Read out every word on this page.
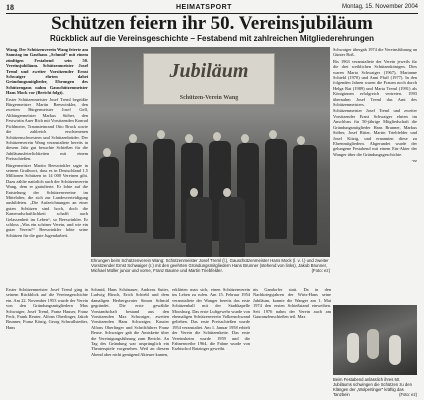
18	HEIMATSPORT	Montag, 15. November 2004
Schützen feiern ihr 50. Vereinsjubiläum
Rückblick auf die Vereinsgeschichte – Festabend mit zahlreichen Mitgliederehrungen

Wang. Der Schützenverein Wang feierte am Samstag im Gasthaus „Schmid“ mit einem zünftigen Festabend sein 50. Vereinsjubiläum. Schützenmeister Josef Treml und zweiter Vorsitzender Ernst Schwaiger ehrten dabei Gründungsmitglieder, Ehrungen des Schützengaus nahm Gauschützenmeister Hans Mock vor (Bericht folgt).

Erster Schützenmeister Josef Treml begrüßte Bürgermeister Martin Beeswinkler, den zweiten Bürgermeister Josef Gell, Altbürgermeister Markus Stöber, den Festwirtin Auer Rich mit Vorsitzenden Konrad Pichlmeier, Traunsteinrand Otto Bruck sowie die zahlreich erschienenen Schützenschwestern und Schützenbrüder. Der Schützenverein Wang veranstaltete bereits in diesem Jahr gut besuchte Schießen für die Jubiläumsfeierlichkeiten mit einem Preisschießen.

Bürgermeister Martin Beeswinkler sagte in seinem Grußwort, dass es in Deutschland 1,5 Millionen Schützen in 14 000 Vereinen gibt. Dazu zählte natürlich auch der Schützenverein Wang, dem er gratulierte. Er lobte auf die Entstehung der Schützenvereine im Mittelalter, die sich zur Landesverteidigung ausbildeten. „Die Aufzeichnungen an einer guten Schützen sind hoch, doch die Kameradschaftlichkeit schafft auch Gelassenheit im Leben“, so Beeswinkler. Er schloss „Was ein schöner Verein, und wie ein guter Verein?“ Beeswinkler lobte seine Schützen für die gute Jugendarbeit.

Jubiläum
Schützen-Verein Wang
Ehrungen beim Schützenverein Wang: Schützenmeister Josef Treml (l.), Gauschützenmeister Hans Mock (l. v. l.) und zweiter Vorsitzender Ernst Schwaiger (r.) mit den geehrten Gründungsmitgliedern Hans Brunner (stehend von links), Jakob Brunner, Michael Müller junior und vorne, Franz Baume und Martin Triebfelder.	(Foto: ez)

Schwaiger übergab 1974 die Vereinsführung an Günter Roß.

Bis 1963 veranstaltete der Verein jeweils für die drei weiblichen Schützenkönigen. Dies waren Marta Schwaiger (1967), Marianne Schiebl (1970) und Anni Pfaff (1977). In den folgenden Jahren waren die Frauen noch durch Helga Rat (1989) und Maria Treml (1991) als Königinnen erfolgreich vertreten. 1993 übernahm Josef Treml das Amt des Schützenmeisters.

Schützenmeister Josef Treml und zweiter Vorsitzender Ernst Schwaiger ehrten im Anschluss für 50-jährige Mitgliedschaft die Gründungsmitglieder Hans Brunner, Markus Stöber, Josef Ritter, Martin Triebfelder und Josef Kitzig, und ernannten diese zu Ehrenmitgliedern. Abgerundet wurde der gelungene Festabend mit einem Ein-Akter der Wanger über die Gründungsgeschichte.

-ez

Erster Schützenmeister Josef Treml ging in seinem Rückblick auf die Vereinsgeschichte ein. Am 22. November 1953 wurde der Verein von den Gründungsmitgliedern Max Schwaiger, Josef Treml, Franz Hauser, Franz Peck, Frank Reuter, Alfons Oberlinger, Jakob Brunner, Franz König, Georg Schwallstedter, Hans

Schmid, Hans Schönauer, Andreas Sutter, Ludwig Hirsch, Erich Schiebl und dem damaligen Herbergsvater Simon Schmid gegründet. Die erste gewählte Vorstandschaft bestand aus den Vorsitzenden Max Schwaiger, zweiten Vorsitzenden Hans Schwaiger, Kassier Alfons Oberlinger und Schriftführer Franz Beuse. Schwaiger gab die Amtskette über die Vereinigungsführung zum Bericht. An Tag des Gründung war ursprünglich ein Theaterspiele vorgesehen. Weil an diesem Abend aber nicht genügend Akteure kamen,

erklärten man sich, einen Schützenverein ins Leben zu rufen. Am 15. Februar 1954 veranstaltete der Wanger bereits das erste Schützenball mit der Stadtkapelle Moosburg. Das erste Luftgewehr wurde von ehemaligen Schützenverein Volkenschwand geliehen. Das erste Preisschießen wurde 1954 veranstaltet. Am 1. Januar 1958 erhielt der Verein die Schützenkette. Das erste Vereinsheim wurde 1959 und die Fahnenweihe 1964, die Fahne wurde von Erzbischof Ratzinger geweiht.

nis Gandorfer statt. Da in den Nachkriegsjahren der Wirts-Hans seine Jubiläum, konnte die Wanger am 1. Mai 1974 den ersten Schießstand einweihen. Seit 1976 nahm der Verein auch am Gauranzlenschießen teil. Max

Beim Festabend anlässlich ihres 50. Jubiläums schwingen die Schützen zu den Klängen der „Wolpertinger“ kräftig das Tanzbein	(Foto: ez)
